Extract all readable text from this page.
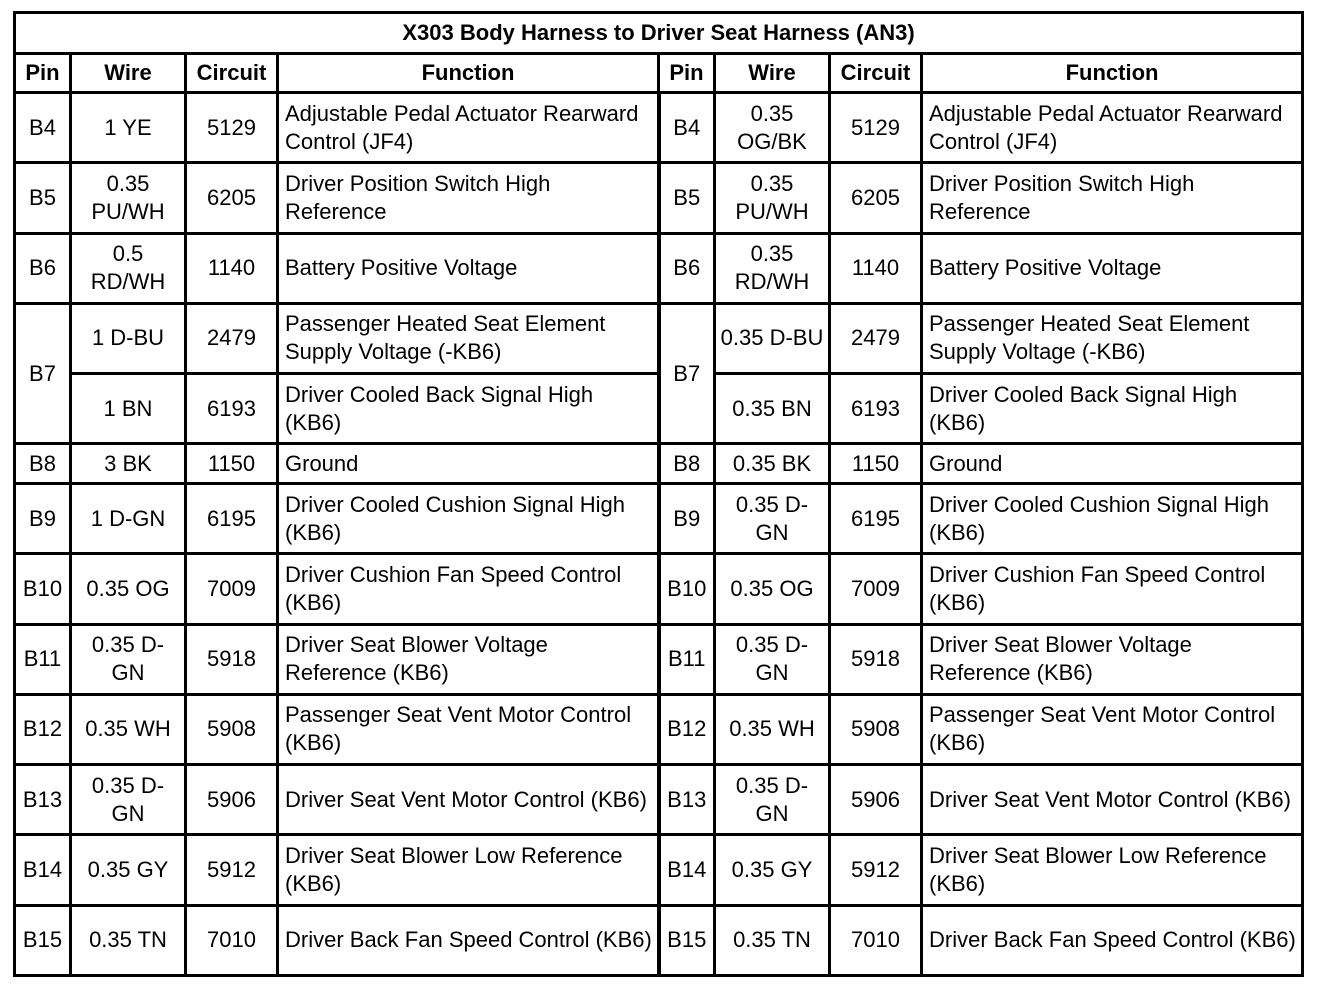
X303 Body Harness to Driver Seat Harness (AN3)							
Pin	Wire	Circuit	Function	Pin	Wire	Circuit	Function
B4	1 YE	5129	Adjustable Pedal Actuator Rearward Control (JF4)	B4	0.35 OG/BK	5129	Adjustable Pedal Actuator Rearward Control (JF4)
B5	0.35 PU/WH	6205	Driver Position Switch High Reference	B5	0.35 PU/WH	6205	Driver Position Switch High Reference
B6	0.5 RD/WH	1140	Battery Positive Voltage	B6	0.35 RD/WH	1140	Battery Positive Voltage
B7	1 D-BU	2479	Passenger Heated Seat Element Supply Voltage (-KB6)	B7	0.35 D-BU	2479	Passenger Heated Seat Element Supply Voltage (-KB6)
	1 BN	6193	Driver Cooled Back Signal High (KB6)		0.35 BN	6193	Driver Cooled Back Signal High (KB6)
B8	3 BK	1150	Ground	B8	0.35 BK	1150	Ground
B9	1 D-GN	6195	Driver Cooled Cushion Signal High (KB6)	B9	0.35 D-GN	6195	Driver Cooled Cushion Signal High (KB6)
B10	0.35 OG	7009	Driver Cushion Fan Speed Control (KB6)	B10	0.35 OG	7009	Driver Cushion Fan Speed Control (KB6)
B11	0.35 D-GN	5918	Driver Seat Blower Voltage Reference (KB6)	B11	0.35 D-GN	5918	Driver Seat Blower Voltage Reference (KB6)
B12	0.35 WH	5908	Passenger Seat Vent Motor Control (KB6)	B12	0.35 WH	5908	Passenger Seat Vent Motor Control (KB6)
B13	0.35 D-GN	5906	Driver Seat Vent Motor Control (KB6)	B13	0.35 D-GN	5906	Driver Seat Vent Motor Control (KB6)
B14	0.35 GY	5912	Driver Seat Blower Low Reference (KB6)	B14	0.35 GY	5912	Driver Seat Blower Low Reference (KB6)
B15	0.35 TN	7010	Driver Back Fan Speed Control (KB6)	B15	0.35 TN	7010	Driver Back Fan Speed Control (KB6)
